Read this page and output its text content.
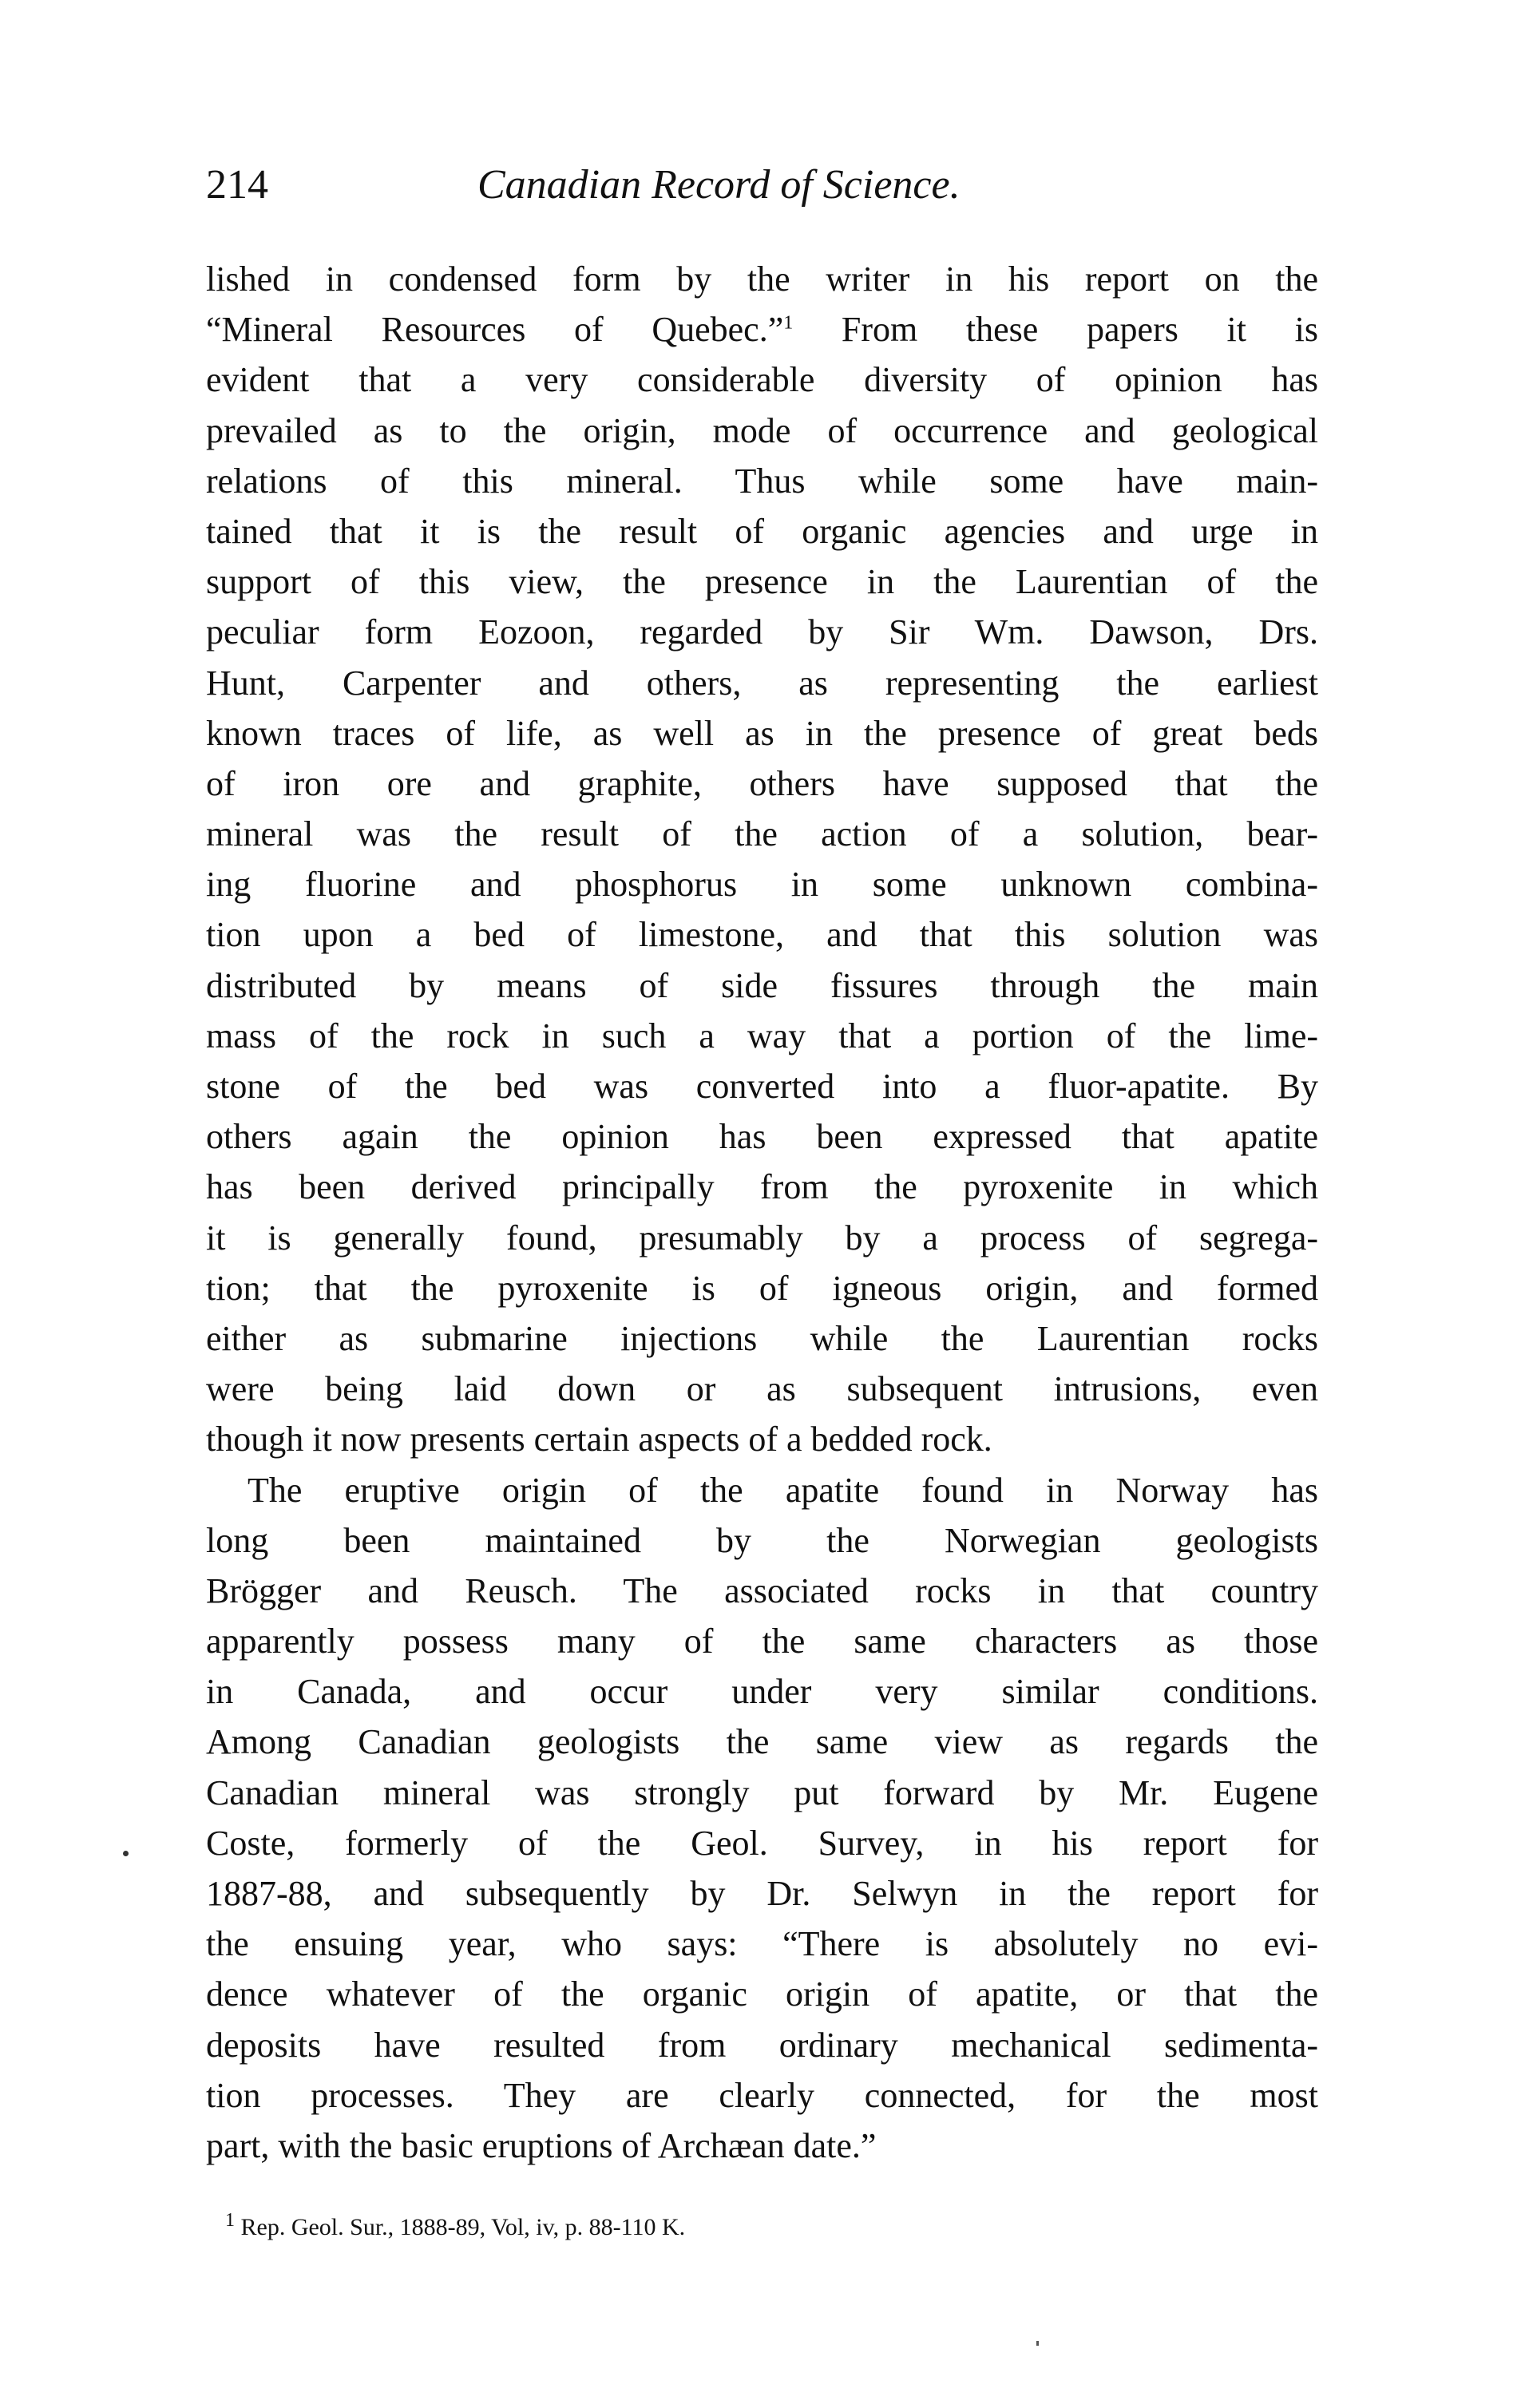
214	Canadian Record of Science.
lished in condensed form by the writer in his report on the
“Mineral Resources of Quebec.”$^1$ From these papers it is
evident that a very considerable diversity of opinion has
prevailed as to the origin, mode of occurrence and geological
relations of this mineral. Thus while some have main-
tained that it is the result of organic agencies and urge in
support of this view, the presence in the Laurentian of the
peculiar form Eozoon, regarded by Sir Wm. Dawson, Drs.
Hunt, Carpenter and others, as representing the earliest
known traces of life, as well as in the presence of great beds
of iron ore and graphite, others have supposed that the
mineral was the result of the action of a solution, bear-
ing fluorine and phosphorus in some unknown combina-
tion upon a bed of limestone, and that this solution was
distributed by means of side fissures through the main
mass of the rock in such a way that a portion of the lime-
stone of the bed was converted into a fluor-apatite. By
others again the opinion has been expressed that apatite
has been derived principally from the pyroxenite in which
it is generally found, presumably by a process of segrega-
tion; that the pyroxenite is of igneous origin, and formed
either as submarine injections while the Laurentian rocks
were being laid down or as subsequent intrusions, even
though it now presents certain aspects of a bedded rock.
The eruptive origin of the apatite found in Norway has
long been maintained by the Norwegian geologists
Brögger and Reusch. The associated rocks in that country
apparently possess many of the same characters as those
in Canada, and occur under very similar conditions.
Among Canadian geologists the same view as regards the
Canadian mineral was strongly put forward by Mr. Eugene
Coste, formerly of the Geol. Survey, in his report for
1887-88, and subsequently by Dr. Selwyn in the report for
the ensuing year, who says: “There is absolutely no evi-
dence whatever of the organic origin of apatite, or that the
deposits have resulted from ordinary mechanical sedimenta-
tion processes. They are clearly connected, for the most
part, with the basic eruptions of Archæan date.”
$^1$ Rep. Geol. Sur., 1888-89, Vol, iv, p. 88-110 K.
